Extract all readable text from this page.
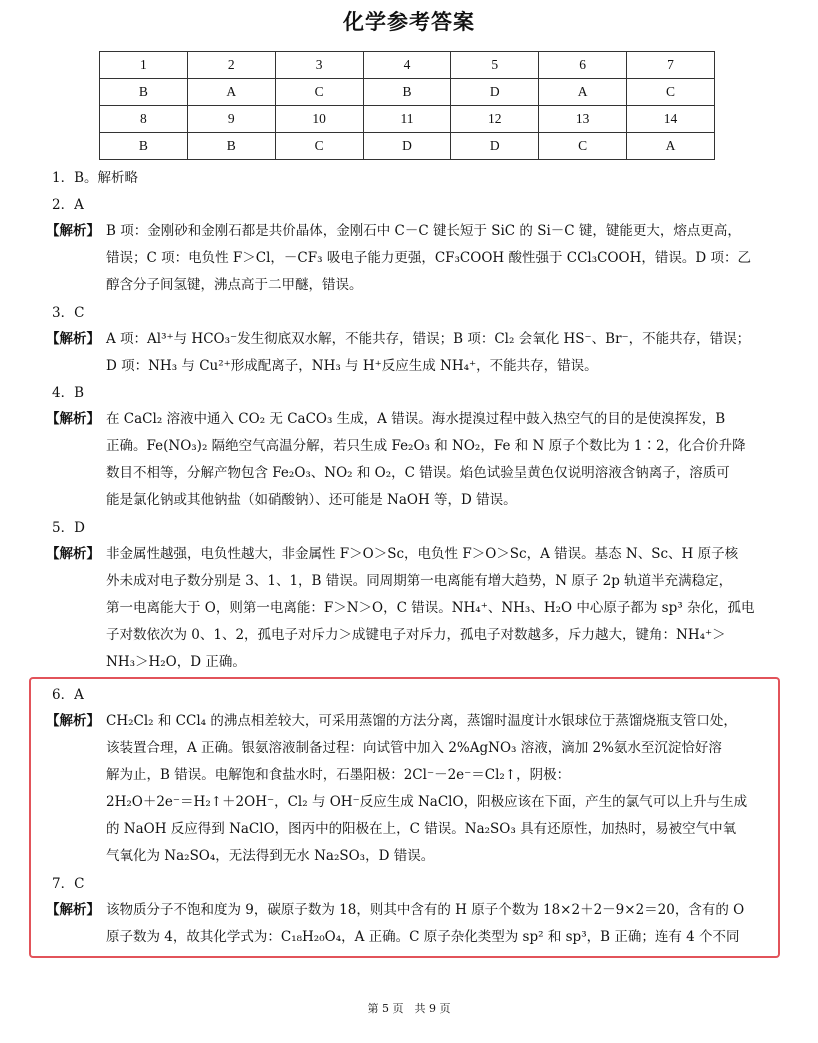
化学参考答案
1	2	3	4	5	6	7
B	A	C	B	D	A	C
8	9	10	11	12	13	14
B	B	C	D	D	C	A
1．B。解析略
2．A
【解析】 B 项：金刚砂和金刚石都是共价晶体，金刚石中 C－C 键长短于 SiC 的 Si－C 键，键能更大，熔点更高，
错误；C 项：电负性 F＞Cl，－CF₃ 吸电子能力更强，CF₃COOH 酸性强于 CCl₃COOH，错误。D 项：乙
醇含分子间氢键，沸点高于二甲醚，错误。
3．C
【解析】 A 项：Al³⁺与 HCO₃⁻发生彻底双水解，不能共存，错误；B 项：Cl₂ 会氧化 HS⁻、Br⁻，不能共存，错误；
D 项：NH₃ 与 Cu²⁺形成配离子，NH₃ 与 H⁺反应生成 NH₄⁺，不能共存，错误。
4．B
【解析】 在 CaCl₂ 溶液中通入 CO₂ 无 CaCO₃ 生成，A 错误。海水提溴过程中鼓入热空气的目的是使溴挥发，B
正确。Fe(NO₃)₂ 隔绝空气高温分解，若只生成 Fe₂O₃ 和 NO₂，Fe 和 N 原子个数比为 1∶2，化合价升降
数目不相等，分解产物包含 Fe₂O₃、NO₂ 和 O₂，C 错误。焰色试验呈黄色仅说明溶液含钠离子，溶质可
能是氯化钠或其他钠盐（如硝酸钠）、还可能是 NaOH 等，D 错误。
5．D
【解析】 非金属性越强，电负性越大，非金属性 F＞O＞Sc，电负性 F＞O＞Sc，A 错误。基态 N、Sc、H 原子核
外未成对电子数分别是 3、1、1，B 错误。同周期第一电离能有增大趋势，N 原子 2p 轨道半充满稳定，
第一电离能大于 O，则第一电离能：F＞N＞O，C 错误。NH₄⁺、NH₃、H₂O 中心原子都为 sp³ 杂化，孤电
子对数依次为 0、1、2，孤电子对斥力＞成键电子对斥力，孤电子对数越多，斥力越大，键角：NH₄⁺＞
NH₃＞H₂O，D 正确。
6．A
【解析】 CH₂Cl₂ 和 CCl₄ 的沸点相差较大，可采用蒸馏的方法分离，蒸馏时温度计水银球位于蒸馏烧瓶支管口处，
该装置合理，A 正确。银氨溶液制备过程：向试管中加入 2%AgNO₃ 溶液，滴加 2%氨水至沉淀恰好溶
解为止，B 错误。电解饱和食盐水时，石墨阳极：2Cl⁻－2e⁻＝Cl₂↑，阴极：
2H₂O＋2e⁻＝H₂↑＋2OH⁻，Cl₂ 与 OH⁻反应生成 NaClO，阳极应该在下面，产生的氯气可以上升与生成
的 NaOH 反应得到 NaClO，图丙中的阳极在上，C 错误。Na₂SO₃ 具有还原性，加热时，易被空气中氧
气氧化为 Na₂SO₄，无法得到无水 Na₂SO₃，D 错误。
7．C
【解析】 该物质分子不饱和度为 9，碳原子数为 18，则其中含有的 H 原子个数为 18×2＋2－9×2＝20，含有的 O
原子数为 4，故其化学式为：C₁₈H₂₀O₄，A 正确。C 原子杂化类型为 sp² 和 sp³，B 正确；连有 4 个不同
第 5 页　共 9 页
